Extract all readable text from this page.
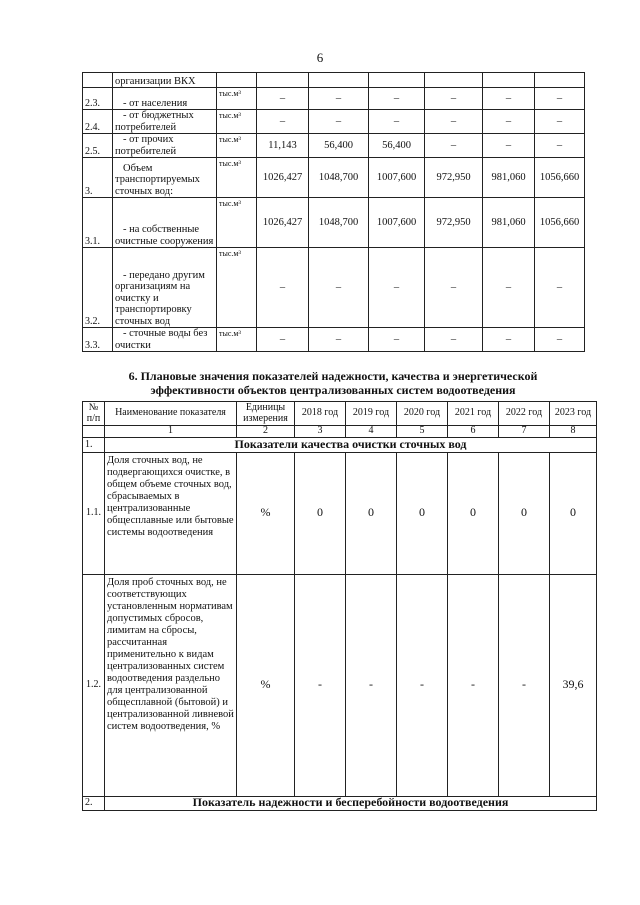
6
	организации ВКХ							
2.3.	- от населения	тыс.м³	–	–	–	–	–	–
2.4.	- от бюджетных потребителей	тыс.м³	–	–	–	–	–	–
2.5.	- от прочих потребителей	тыс.м³	11,143	56,400	56,400	–	–	–
3.	Объем транспортируемых сточных вод:	тыс.м³	1026,427	1048,700	1007,600	972,950	981,060	1056,660
3.1.	- на собственные очистные сооружения	тыс.м³	1026,427	1048,700	1007,600	972,950	981,060	1056,660
3.2.	- передано другим организациям на очистку и транспортировку сточных вод	тыс.м³	–	–	–	–	–	–
3.3.	- сточные воды без очистки	тыс.м³	–	–	–	–	–	–
6. Плановые значения показателей надежности, качества и энергетической
эффективности объектов централизованных систем водоотведения
№ п/п	Наименование показателя	Единицы измерения	2018 год	2019 год	2020 год	2021 год	2022 год	2023 год
	1	2	3	4	5	6	7	8
1.	Показатели качества очистки сточных вод							
1.1.	Доля сточных вод, не подвергающихся очистке, в общем объеме сточных вод, сбрасываемых в централизованные общесплавные или бытовые системы водоотведения	%	0	0	0	0	0	0
1.2.	Доля проб сточных вод, не соответствующих установленным нормативам допустимых сбросов, лимитам на сбросы, рассчитанная применительно к видам централизованных систем водоотведения раздельно для централизованной общесплавной (бытовой) и централизованной ливневой систем водоотведения, %	%	-	-	-	-	-	39,6
2.	Показатель надежности и бесперебойности водоотведения							
